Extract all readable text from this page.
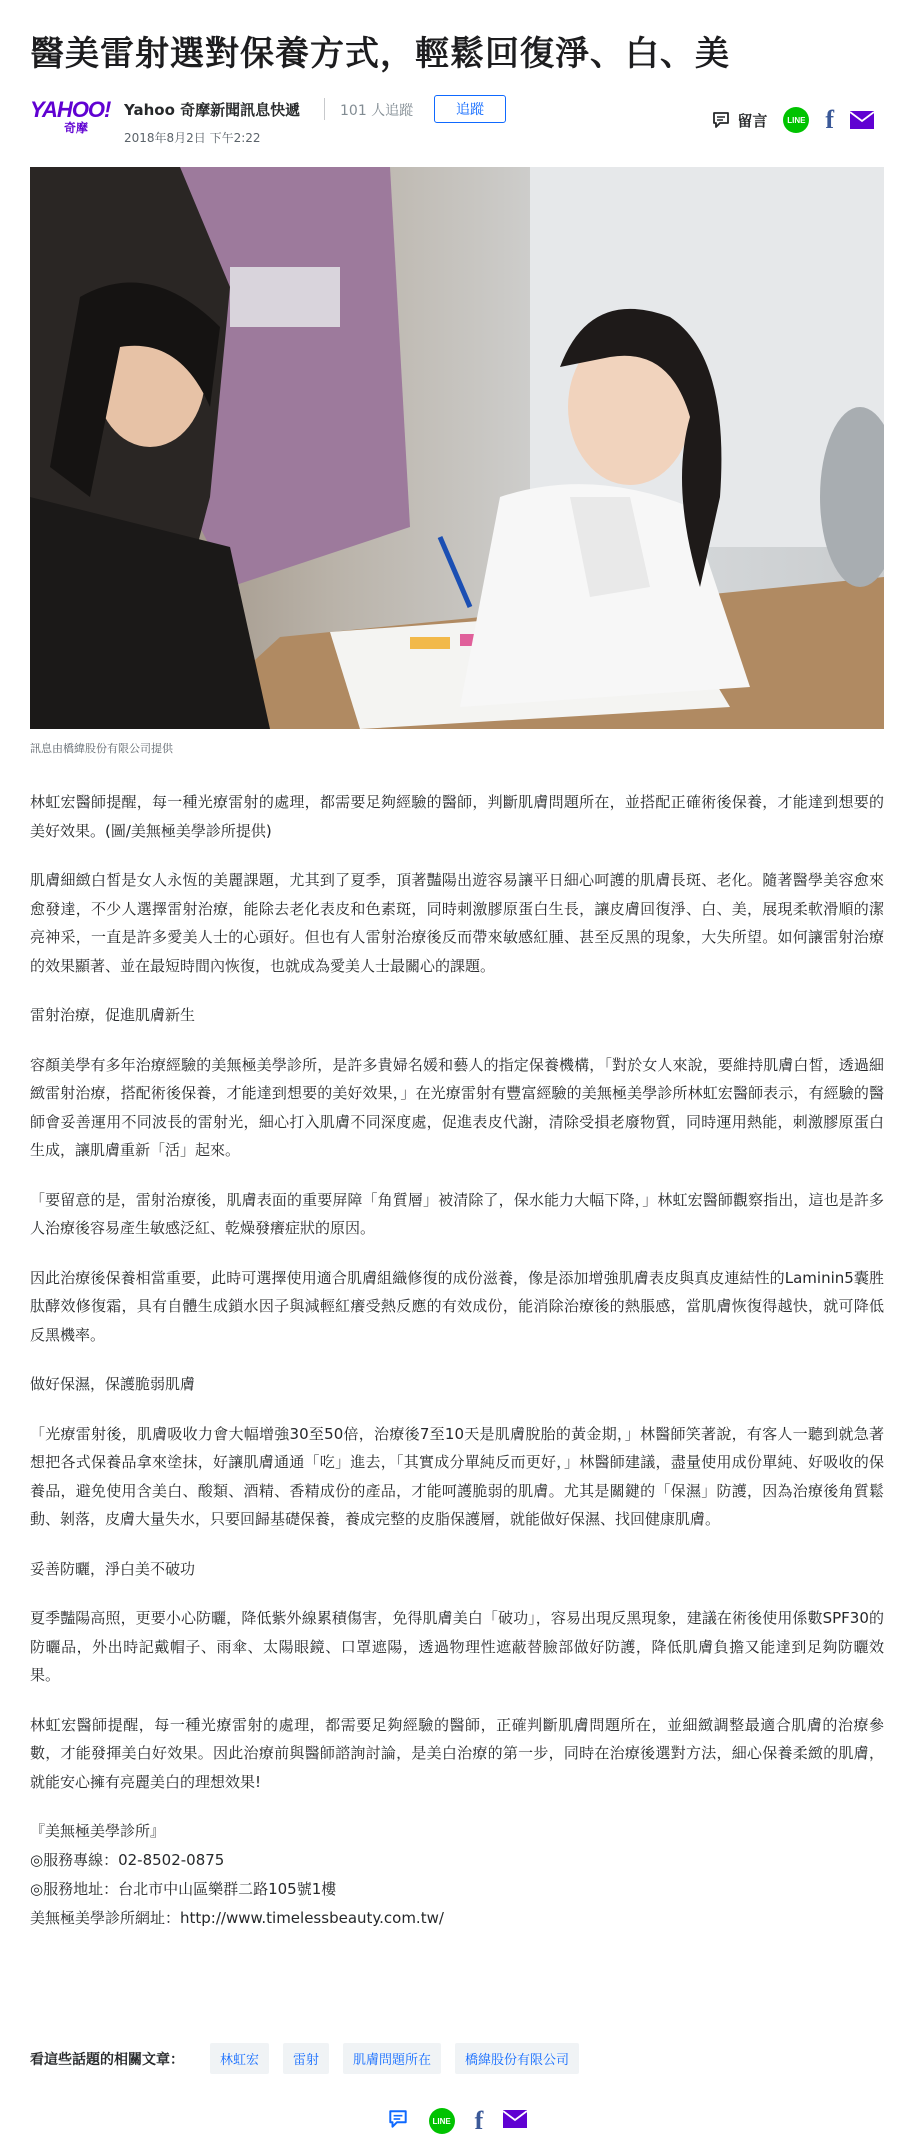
醫美雷射選對保養方式，輕鬆回復淨、白、美
YAHOO!
奇摩
Yahoo 奇摩新聞訊息快遞	101 人追蹤	追蹤
2018年8月2日 下午2:22
留言	LINE f
訊息由橋緯股份有限公司提供

林虹宏醫師提醒，每一種光療雷射的處理，都需要足夠經驗的醫師，判斷肌膚問題所在，並搭配正確術後保養，才能達到想要的美好效果。(圖/美無極美學診所提供)

肌膚細緻白皙是女人永恆的美麗課題，尤其到了夏季，頂著豔陽出遊容易讓平日細心呵護的肌膚長斑、老化。隨著醫學美容愈來愈發達，不少人選擇雷射治療，能除去老化表皮和色素斑，同時刺激膠原蛋白生長，讓皮膚回復淨、白、美，展現柔軟滑順的潔亮神采，一直是許多愛美人士的心頭好。但也有人雷射治療後反而帶來敏感紅腫、甚至反黑的現象，大失所望。如何讓雷射治療的效果顯著、並在最短時間內恢復，也就成為愛美人士最關心的課題。

雷射治療，促進肌膚新生

容顏美學有多年治療經驗的美無極美學診所，是許多貴婦名媛和藝人的指定保養機構，「對於女人來說，要維持肌膚白皙，透過細緻雷射治療，搭配術後保養，才能達到想要的美好效果，」在光療雷射有豐富經驗的美無極美學診所林虹宏醫師表示，有經驗的醫師會妥善運用不同波長的雷射光，細心打入肌膚不同深度處，促進表皮代謝，清除受損老廢物質，同時運用熱能，刺激膠原蛋白生成，讓肌膚重新「活」起來。

「要留意的是，雷射治療後，肌膚表面的重要屏障「角質層」被清除了，保水能力大幅下降，」林虹宏醫師觀察指出，這也是許多人治療後容易產生敏感泛紅、乾燥發癢症狀的原因。

因此治療後保養相當重要，此時可選擇使用適合肌膚組織修復的成份滋養，像是添加增強肌膚表皮與真皮連結性的Laminin5囊胜肽酵效修復霜，具有自體生成鎖水因子與減輕紅癢受熱反應的有效成份，能消除治療後的熱脹感，當肌膚恢復得越快，就可降低反黑機率。

做好保濕，保護脆弱肌膚

「光療雷射後，肌膚吸收力會大幅增強30至50倍，治療後7至10天是肌膚脫胎的黃金期，」林醫師笑著說，有客人一聽到就急著想把各式保養品拿來塗抹，好讓肌膚通通「吃」進去，「其實成分單純反而更好，」林醫師建議，盡量使用成份單純、好吸收的保養品，避免使用含美白、酸類、酒精、香精成份的產品，才能呵護脆弱的肌膚。尤其是關鍵的「保濕」防護，因為治療後角質鬆動、剝落，皮膚大量失水，只要回歸基礎保養，養成完整的皮脂保護層，就能做好保濕、找回健康肌膚。

妥善防曬，淨白美不破功

夏季豔陽高照，更要小心防曬，降低紫外線累積傷害，免得肌膚美白「破功」，容易出現反黑現象，建議在術後使用係數SPF30的防曬品，外出時記戴帽子、雨傘、太陽眼鏡、口罩遮陽，透過物理性遮蔽替臉部做好防護，降低肌膚負擔又能達到足夠防曬效果。

林虹宏醫師提醒，每一種光療雷射的處理，都需要足夠經驗的醫師，正確判斷肌膚問題所在，並細緻調整最適合肌膚的治療參數，才能發揮美白好效果。因此治療前與醫師諮詢討論，是美白治療的第一步，同時在治療後選對方法，細心保養柔緻的肌膚，就能安心擁有亮麗美白的理想效果!

『美無極美學診所』
◎服務專線：02-8502-0875
◎服務地址：台北市中山區樂群二路105號1樓
美無極美學診所網址：http://www.timelessbeauty.com.tw/
看這些話題的相關文章：	林虹宏	雷射	肌膚問題所在	橋緯股份有限公司
LINE f
